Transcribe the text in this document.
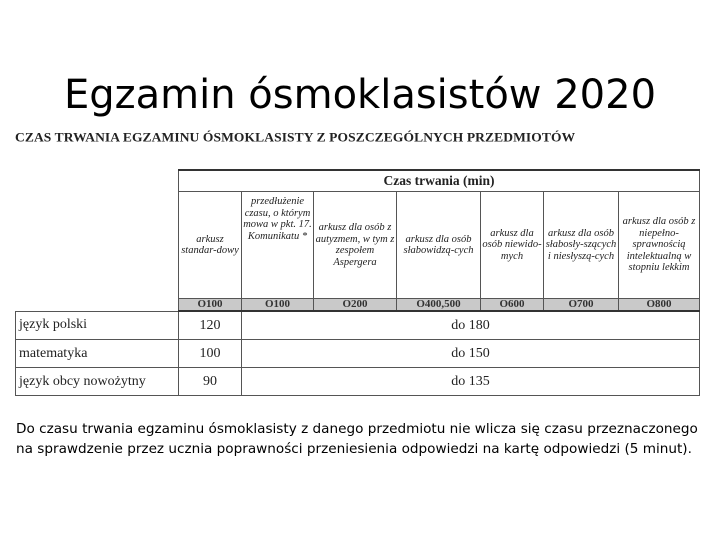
Egzamin ósmoklasistów 2020
CZAS TRWANIA EGZAMINU ÓSMOKLASISTY Z POSZCZEGÓLNYCH PRZEDMIOTÓW
	Czas trwania (min)						
	arkusz standar-dowy	przedłużenie czasu, o którym mowa w pkt. 17. Komunikatu *	arkusz dla osób z autyzmem, w tym z zespołem Aspergera	arkusz dla osób słabowidzą-cych	arkusz dla osób niewido-mych	arkusz dla osób słabosły-szących i niesłyszą-cych	arkusz dla osób z niepełno-sprawnością intelektualną w stopniu lekkim
	O100	O100	O200	O400,500	O600	O700	O800
język polski	120	do 180					
matematyka	100	do 150					
język obcy nowożytny	90	do 135					

Do czasu trwania egzaminu ósmoklasisty z danego przedmiotu nie wlicza się czasu przeznaczonego na sprawdzenie przez ucznia poprawności przeniesienia odpowiedzi na kartę odpowiedzi (5 minut).
